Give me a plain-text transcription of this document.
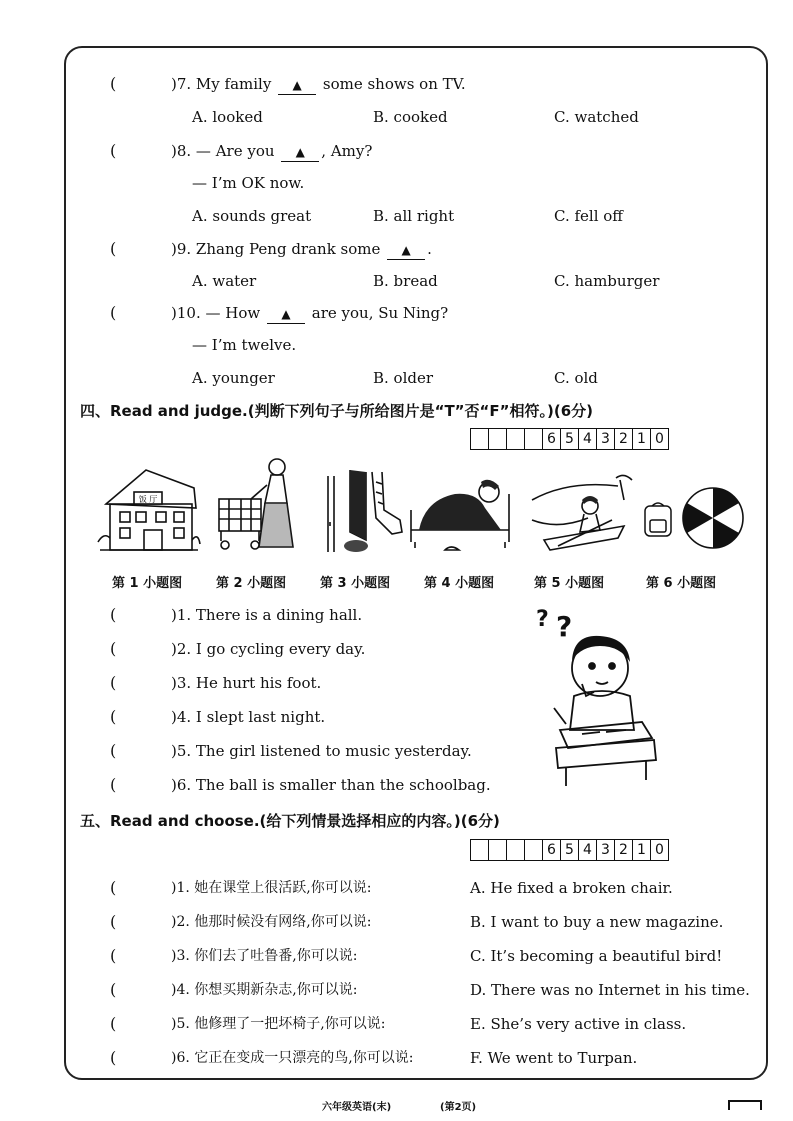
(	)7. My family ▲ some shows on TV.
A. looked	B. cooked	C. watched
(	)8. — Are you ▲ , Amy?
— I’m OK now.
A. sounds great	B. all right	C. fell off
(	)9. Zhang Peng drank some ▲ .
A. water	B. bread	C. hamburger
(	)10. — How ▲ are you, Su Ning?
— I’m twelve.
A. younger	B. older	C. old
四、Read and judge.(判断下列句子与所给图片是“T”否“F”相符。)(6分)
				6	5	4	3	2	1	0
饭 厅
第 1 小题图	第 2 小题图	第 3 小题图	第 4 小题图	第 5 小题图	第 6 小题图
(	)1. There is a dining hall.
(	)2. I go cycling every day.
(	)3. He hurt his foot.
(	)4. I slept last night.
(	)5. The girl listened to music yesterday.
(	)6. The ball is smaller than the schoolbag.
? ?
五、Read and choose.(给下列情景选择相应的内容。)(6分)
				6	5	4	3	2	1	0
(	)1. 她在课堂上很活跃,你可以说:	A. He fixed a broken chair.
(	)2. 他那时候没有网络,你可以说:	B. I want to buy a new magazine.
(	)3. 你们去了吐鲁番,你可以说:	C. It’s becoming a beautiful bird!
(	)4. 你想买期新杂志,你可以说:	D. There was no Internet in his time.
(	)5. 他修理了一把坏椅子,你可以说:	E. She’s very active in class.
(	)6. 它正在变成一只漂亮的鸟,你可以说:	F. We went to Turpan.
六年级英语(末)	(第2页)
